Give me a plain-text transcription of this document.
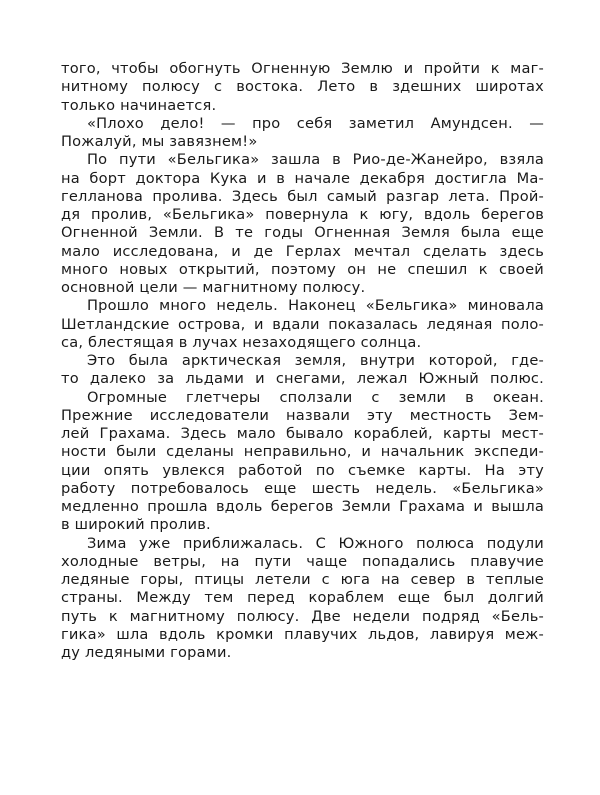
того, чтобы обогнуть Огненную Землю и пройти к маг-
нитному полюсу с востока. Лето в здешних широтах
только начинается.
«Плохо дело! — про себя заметил Амундсен. —
Пожалуй, мы завязнем!»
По пути «Бельгика» зашла в Рио-де-Жанейро, взяла
на борт доктора Кука и в начале декабря достигла Ма-
гелланова пролива. Здесь был самый разгар лета. Прой-
дя пролив, «Бельгика» повернула к югу, вдоль берегов
Огненной Земли. В те годы Огненная Земля была еще
мало исследована, и де Герлах мечтал сделать здесь
много новых открытий, поэтому он не спешил к своей
основной цели — магнитному полюсу.
Прошло много недель. Наконец «Бельгика» миновала
Шетландские острова, и вдали показалась ледяная поло-
са, блестящая в лучах незаходящего солнца.
Это была арктическая земля, внутри которой, где-
то далеко за льдами и снегами, лежал Южный полюс.
Огромные глетчеры сползали с земли в океан.
Прежние исследователи назвали эту местность Зем-
лей Грахама. Здесь мало бывало кораблей, карты мест-
ности были сделаны неправильно, и начальник экспеди-
ции опять увлекся работой по съемке карты. На эту
работу потребовалось еще шесть недель. «Бельгика»
медленно прошла вдоль берегов Земли Грахама и вышла
в широкий пролив.
Зима уже приближалась. С Южного полюса подули
холодные ветры, на пути чаще попадались плавучие
ледяные горы, птицы летели с юга на север в теплые
страны. Между тем перед кораблем еще был долгий
путь к магнитному полюсу. Две недели подряд «Бель-
гика» шла вдоль кромки плавучих льдов, лавируя меж-
ду ледяными горами.
